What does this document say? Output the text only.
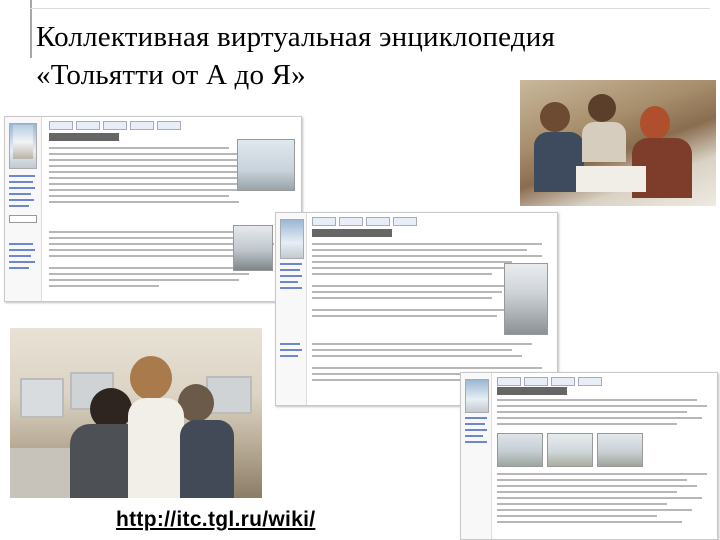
Коллективная виртуальная энциклопедия
«Тольятти от А до Я»
http://itc.tgl.ru/wiki/
